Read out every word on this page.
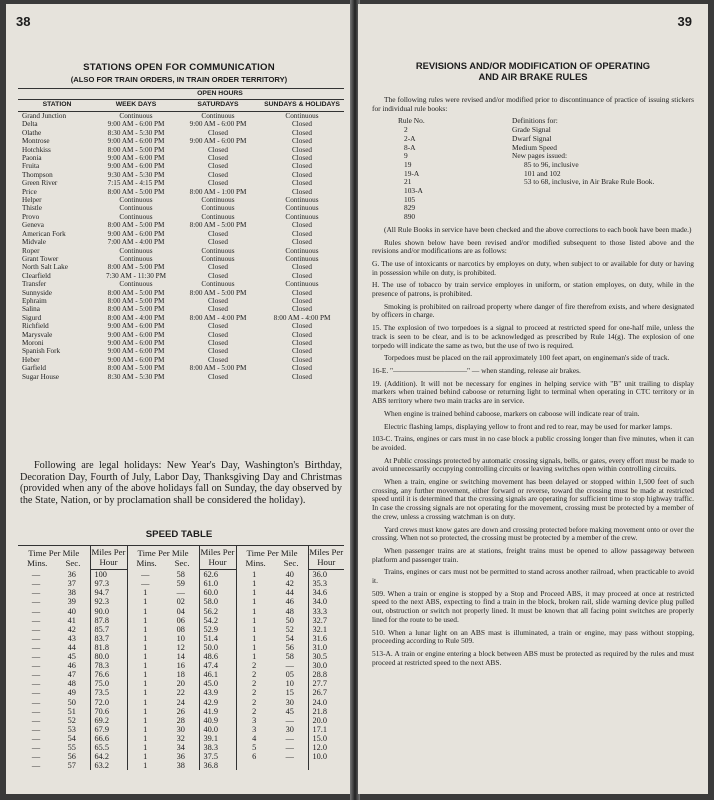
38
STATIONS OPEN FOR COMMUNICATION
(ALSO FOR TRAIN ORDERS, IN TRAIN ORDER TERRITORY)
	OPEN HOURS		
STATION	WEEK DAYS	SATURDAYS	SUNDAYS & HOLIDAYS
Grand Junction	Continuous	Continuous	Continuous
Delta	9:00 AM - 6:00 PM	9:00 AM - 6:00 PM	Closed
Olathe	8:30 AM - 5:30 PM	Closed	Closed
Montrose	9:00 AM - 6:00 PM	9:00 AM - 6:00 PM	Closed
Hotchkiss	8:00 AM - 5:00 PM	Closed	Closed
Paonia	9:00 AM - 6:00 PM	Closed	Closed
Fruita	9:00 AM - 6:00 PM	Closed	Closed
Thompson	9:30 AM - 5:30 PM	Closed	Closed
Green River	7:15 AM - 4:15 PM	Closed	Closed
Price	8:00 AM - 5:00 PM	8:00 AM - 1:00 PM	Closed
Helper	Continuous	Continuous	Continuous
Thistle	Continuous	Continuous	Continuous
Provo	Continuous	Continuous	Continuous
Geneva	8:00 AM - 5:00 PM	8:00 AM - 5:00 PM	Closed
American Fork	9:00 AM - 6:00 PM	Closed	Closed
Midvale	7:00 AM - 4:00 PM	Closed	Closed
Roper	Continuous	Continuous	Continuous
Grant Tower	Continuous	Continuous	Continuous
North Salt Lake	8:00 AM - 5:00 PM	Closed	Closed
Clearfield	7:30 AM - 11:30 PM	Closed	Closed
Transfer	Continuous	Continuous	Continuous
Sunnyside	8:00 AM - 5:00 PM	8:00 AM - 5:00 PM	Closed
Ephraim	8:00 AM - 5:00 PM	Closed	Closed
Salina	8:00 AM - 5:00 PM	Closed	Closed
Sigurd	8:00 AM - 4:00 PM	8:00 AM - 4:00 PM	8:00 AM - 4:00 PM
Richfield	9:00 AM - 6:00 PM	Closed	Closed
Marysvale	9:00 AM - 6:00 PM	Closed	Closed
Moroni	9:00 AM - 6:00 PM	Closed	Closed
Spanish Fork	9:00 AM - 6:00 PM	Closed	Closed
Heber	9:00 AM - 6:00 PM	Closed	Closed
Garfield	8:00 AM - 5:00 PM	8:00 AM - 5:00 PM	Closed
Sugar House	8:30 AM - 5:30 PM	Closed	Closed

Following are legal holidays: New Year's Day, Washington's Birthday, Decoration Day, Fourth of July, Labor Day, Thanksgiving Day and Christmas (provided when any of the above holidays fall on Sunday, the day observed by the State, Nation, or by proclamation shall be considered the holiday).

SPEED TABLE
Time Per Mile
Mins. Sec.		Miles Per Hour	Time Per Mile
Mins. Sec.		Miles Per Hour	Time Per Mile
Mins. Sec.		Miles Per Hour
—	36	100	—	58	62.6	1	40	36.0
—	37	97.3	—	59	61.0	1	42	35.3
—	38	94.7	1	—	60.0	1	44	34.6
—	39	92.3	1	02	58.0	1	46	34.0
—	40	90.0	1	04	56.2	1	48	33.3
—	41	87.8	1	06	54.2	1	50	32.7
—	42	85.7	1	08	52.9	1	52	32.1
—	43	83.7	1	10	51.4	1	54	31.6
—	44	81.8	1	12	50.0	1	56	31.0
—	45	80.0	1	14	48.6	1	58	30.5
—	46	78.3	1	16	47.4	2	—	30.0
—	47	76.6	1	18	46.1	2	05	28.8
—	48	75.0	1	20	45.0	2	10	27.7
—	49	73.5	1	22	43.9	2	15	26.7
—	50	72.0	1	24	42.9	2	30	24.0
—	51	70.6	1	26	41.9	2	45	21.8
—	52	69.2	1	28	40.9	3	—	20.0
—	53	67.9	1	30	40.0	3	30	17.1
—	54	66.6	1	32	39.1	4	—	15.0
—	55	65.5	1	34	38.3	5	—	12.0
—	56	64.2	1	36	37.5	6	—	10.0
—	57	63.2	1	38	36.8			
39
REVISIONS AND/OR MODIFICATION OF OPERATING
AND AIR BRAKE RULES

The following rules were revised and/or modified prior to discontinuance of practice of issuing stickers for individual rule books:

Rule No.	Definitions for:
2	Grade Signal
2-A	Dwarf Signal
8-A	Medium Speed
9	New pages issued:
19	85 to 96, inclusive
19-A	101 and 102
21	53 to 68, inclusive, in Air Brake Rule Book.
103-A	
105	
829	
890	

(All Rule Books in service have been checked and the above corrections to each book have been made.)

Rules shown below have been revised and/or modified subsequent to those listed above and the revisions and/or modifications are as follows:

G. The use of intoxicants or narcotics by employes on duty, when subject to or available for duty or having in possession while on duty, is prohibited.

H. The use of tobacco by train service employes in uniform, or station employes, on duty, while in the presence of patrons, is prohibited.

Smoking is prohibited on railroad property where danger of fire therefrom exists, and where designated by officers in charge.

15. The explosion of two torpedoes is a signal to proceed at restricted speed for one-half mile, unless the track is seen to be clear, and is to be acknowledged as prescribed by Rule 14(g). The explosion of one torpedo will indicate the same as two, but the use of two is required.

Torpedoes must be placed on the rail approximately 100 feet apart, on engineman's side of track.

16-E. "——————————" — when standing, release air brakes.

19. (Addition). It will not be necessary for engines in helping service with "B" unit trailing to display markers when trained behind caboose or returning light to terminal when operating in CTC territory or in ABS territory where two main tracks are in service.

When engine is trained behind caboose, markers on caboose will indicate rear of train.

Electric flashing lamps, displaying yellow to front and red to rear, may be used for marker lamps.

103-C. Trains, engines or cars must in no case block a public crossing longer than five minutes, when it can be avoided.

At Public crossings protected by automatic crossing signals, bells, or gates, every effort must be made to avoid unnecessarily occupying controlling circuits or leaving switches open within controlling circuits.

When a train, engine or switching movement has been delayed or stopped within 1,500 feet of such crossing, any further movement, either forward or reverse, toward the crossing must be made at restricted speed until it is determined that the crossing signals are operating for sufficient time to stop highway traffic. In case the crossing signals are not operating for the movement, crossing must be protected by a member of the crew, unless a crossing watchman is on duty.

Yard crews must know gates are down and crossing protected before making movement onto or over the crossing. When not so protected, the crossing must be protected by a member of the crew.

When passenger trains are at stations, freight trains must be opened to allow passageway between platform and passenger train.

Trains, engines or cars must not be permitted to stand across another railroad, when practicable to avoid it.

509. When a train or engine is stopped by a Stop and Proceed ABS, it may proceed at once at restricted speed to the next ABS, expecting to find a train in the block, broken rail, slide warning device plug pulled out, obstruction or switch not properly lined. It must be known that all facing point switches are properly lined for the route to be used.

510. When a lunar light on an ABS mast is illuminated, a train or engine, may pass without stopping, proceeding according to Rule 509.

513-A. A train or engine entering a block between ABS must be protected as required by the rules and must proceed at restricted speed to the next ABS.
